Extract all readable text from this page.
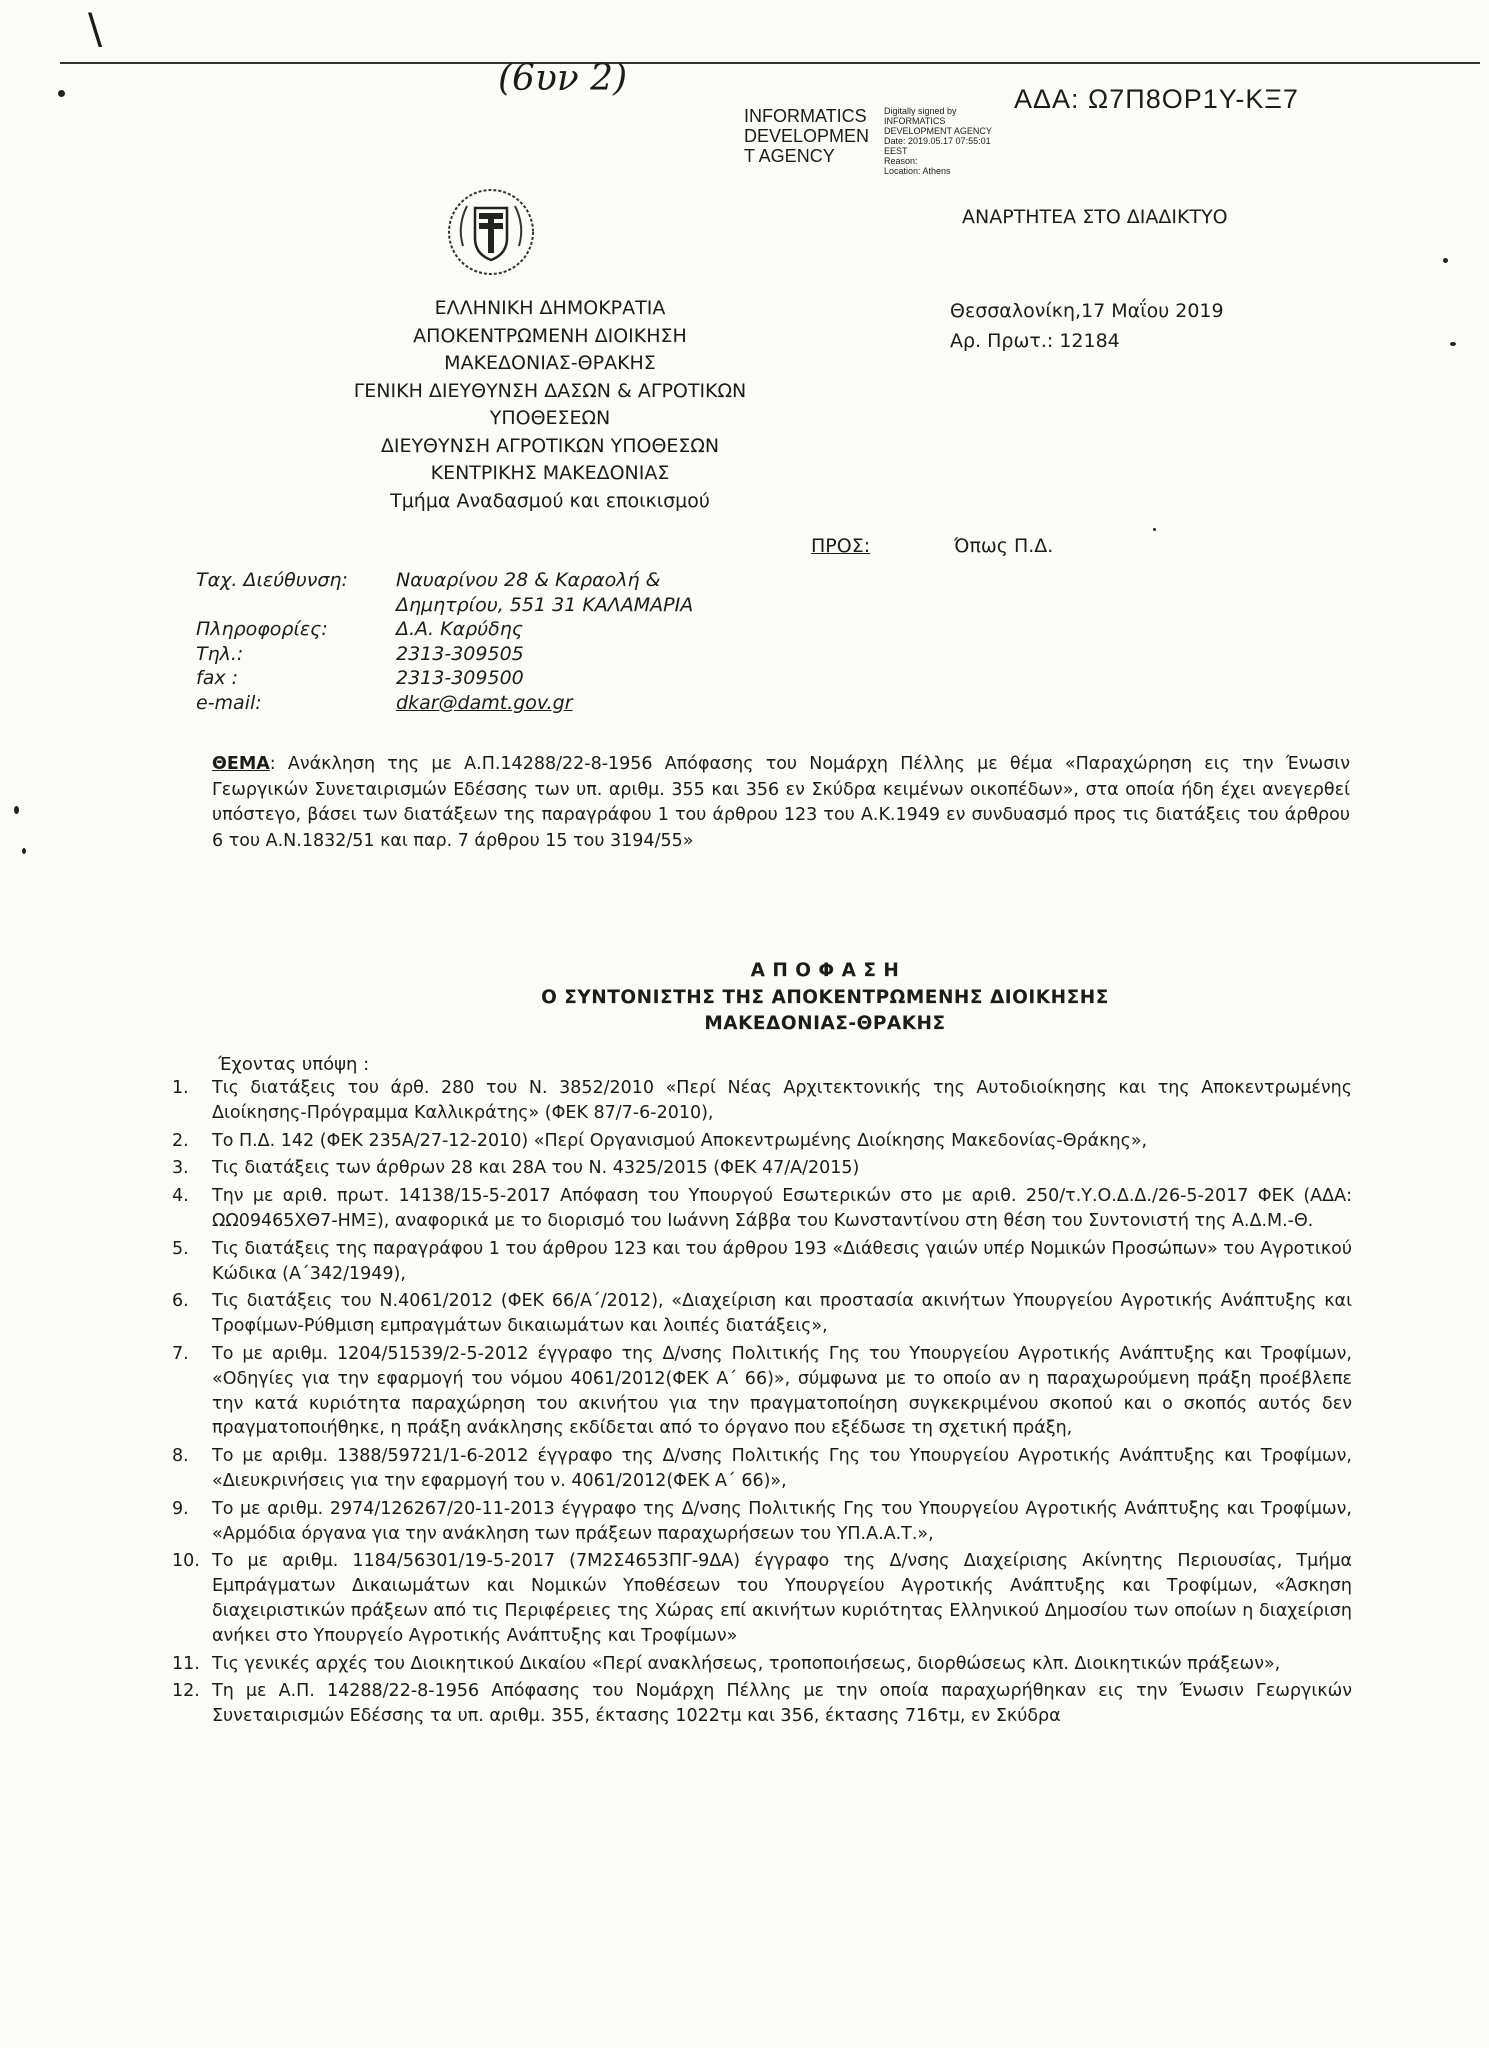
\
(6υν 2)
INFORMATICS
DEVELOPMEN
T AGENCY
Digitally signed by
INFORMATICS
DEVELOPMENT AGENCY
Date: 2019.05.17 07:55:01
EEST
Reason:
Location: Athens
ΑΔΑ: Ω7Π8ΟΡ1Υ-ΚΞ7
ΑΝΑΡΤΗΤΕΑ ΣΤΟ ΔΙΑΔΙΚΤΥΟ
ΕΛΛΗΝΙΚΗ ΔΗΜΟΚΡΑΤΙΑ
ΑΠΟΚΕΝΤΡΩΜΕΝΗ ΔΙΟΙΚΗΣΗ
ΜΑΚΕΔΟΝΙΑΣ-ΘΡΑΚΗΣ
ΓΕΝΙΚΗ ΔΙΕΥΘΥΝΣΗ ΔΑΣΩΝ & ΑΓΡΟΤΙΚΩΝ
ΥΠΟΘΕΣΕΩΝ
ΔΙΕΥΘΥΝΣΗ ΑΓΡΟΤΙΚΩΝ ΥΠΟΘΕΣΩΝ
ΚΕΝΤΡΙΚΗΣ ΜΑΚΕΔΟΝΙΑΣ
Τμήμα Αναδασμού και εποικισμού
Θεσσαλονίκη,17 Μαΐου 2019
Αρ. Πρωτ.: 12184
ΠΡΟΣ:	Όπως Π.Δ.
Ταχ. Διεύθυνση:	Ναυαρίνου 28 & Καραολή &
Δημητρίου, 551 31 ΚΑΛΑΜΑΡΙΑ
Πληροφορίες:	Δ.Α. Καρύδης
Τηλ.:	2313-309505
fax :	2313-309500
e-mail:	dkar@damt.gov.gr
ΘΕΜΑ: Ανάκληση της με Α.Π.14288/22-8-1956 Απόφασης του Νομάρχη Πέλλης με θέμα «Παραχώρηση εις την Ένωσιν Γεωργικών Συνεταιρισμών Εδέσσης των υπ. αριθμ. 355 και 356 εν Σκύδρα κειμένων οικοπέδων», στα οποία ήδη έχει ανεγερθεί υπόστεγο, βάσει των διατάξεων της παραγράφου 1 του άρθρου 123 του Α.Κ.1949 εν συνδυασμό προς τις διατάξεις του άρθρου 6 του Α.Ν.1832/51 και παρ. 7 άρθρου 15 του 3194/55»
Α Π Ο Φ Α Σ Η
Ο ΣΥΝΤΟΝΙΣΤΗΣ ΤΗΣ ΑΠΟΚΕΝΤΡΩΜΕΝΗΣ ΔΙΟΙΚΗΣΗΣ
ΜΑΚΕΔΟΝΙΑΣ-ΘΡΑΚΗΣ
Έχοντας υπόψη :
1.	Τις διατάξεις του άρθ. 280 του Ν. 3852/2010 «Περί Νέας Αρχιτεκτονικής της Αυτοδιοίκησης και της Αποκεντρωμένης Διοίκησης-Πρόγραμμα Καλλικράτης» (ΦΕΚ 87/7-6-2010),
2.	Το Π.Δ. 142 (ΦΕΚ 235Α/27-12-2010) «Περί Οργανισμού Αποκεντρωμένης Διοίκησης Μακεδονίας-Θράκης»,
3.	Τις διατάξεις των άρθρων 28 και 28Α του Ν. 4325/2015 (ΦΕΚ 47/Α/2015)
4.	Την με αριθ. πρωτ. 14138/15-5-2017 Απόφαση του Υπουργού Εσωτερικών στο με αριθ. 250/τ.Υ.Ο.Δ.Δ./26-5-2017 ΦΕΚ (ΑΔΑ: ΩΩ09465ΧΘ7-ΗΜΞ), αναφορικά με το διορισμό του Ιωάννη Σάββα του Κωνσταντίνου στη θέση του Συντονιστή της Α.Δ.Μ.-Θ.
5.	Τις διατάξεις της παραγράφου 1 του άρθρου 123 και του άρθρου 193 «Διάθεσις γαιών υπέρ Νομικών Προσώπων» του Αγροτικού Κώδικα (Α΄342/1949),
6.	Τις διατάξεις του Ν.4061/2012 (ΦΕΚ 66/Α΄/2012), «Διαχείριση και προστασία ακινήτων Υπουργείου Αγροτικής Ανάπτυξης και Τροφίμων-Ρύθμιση εμπραγμάτων δικαιωμάτων και λοιπές διατάξεις»,
7.	Το με αριθμ. 1204/51539/2-5-2012 έγγραφο της Δ/νσης Πολιτικής Γης του Υπουργείου Αγροτικής Ανάπτυξης και Τροφίμων, «Οδηγίες για την εφαρμογή του νόμου 4061/2012(ΦΕΚ Α΄ 66)», σύμφωνα με το οποίο αν η παραχωρούμενη πράξη προέβλεπε την κατά κυριότητα παραχώρηση του ακινήτου για την πραγματοποίηση συγκεκριμένου σκοπού και ο σκοπός αυτός δεν πραγματοποιήθηκε, η πράξη ανάκλησης εκδίδεται από το όργανο που εξέδωσε τη σχετική πράξη,
8.	Το με αριθμ. 1388/59721/1-6-2012 έγγραφο της Δ/νσης Πολιτικής Γης του Υπουργείου Αγροτικής Ανάπτυξης και Τροφίμων, «Διευκρινήσεις για την εφαρμογή του ν. 4061/2012(ΦΕΚ Α΄ 66)»,
9.	Το με αριθμ. 2974/126267/20-11-2013 έγγραφο της Δ/νσης Πολιτικής Γης του Υπουργείου Αγροτικής Ανάπτυξης και Τροφίμων, «Αρμόδια όργανα για την ανάκληση των πράξεων παραχωρήσεων του ΥΠ.Α.Α.Τ.»,
10. Το με αριθμ. 1184/56301/19-5-2017 (7Μ2Σ4653ΠΓ-9ΔΑ) έγγραφο της Δ/νσης Διαχείρισης Ακίνητης Περιουσίας, Τμήμα Εμπράγματων Δικαιωμάτων και Νομικών Υποθέσεων του Υπουργείου Αγροτικής Ανάπτυξης και Τροφίμων, «Άσκηση διαχειριστικών πράξεων από τις Περιφέρειες της Χώρας επί ακινήτων κυριότητας Ελληνικού Δημοσίου των οποίων η διαχείριση ανήκει στο Υπουργείο Αγροτικής Ανάπτυξης και Τροφίμων»
11. Τις γενικές αρχές του Διοικητικού Δικαίου «Περί ανακλήσεως, τροποποιήσεως, διορθώσεως κλπ. Διοικητικών πράξεων»,
12. Τη με Α.Π. 14288/22-8-1956 Απόφασης του Νομάρχη Πέλλης με την οποία παραχωρήθηκαν εις την Ένωσιν Γεωργικών Συνεταιρισμών Εδέσσης τα υπ. αριθμ. 355, έκτασης 1022τμ και 356, έκτασης 716τμ, εν Σκύδρα
